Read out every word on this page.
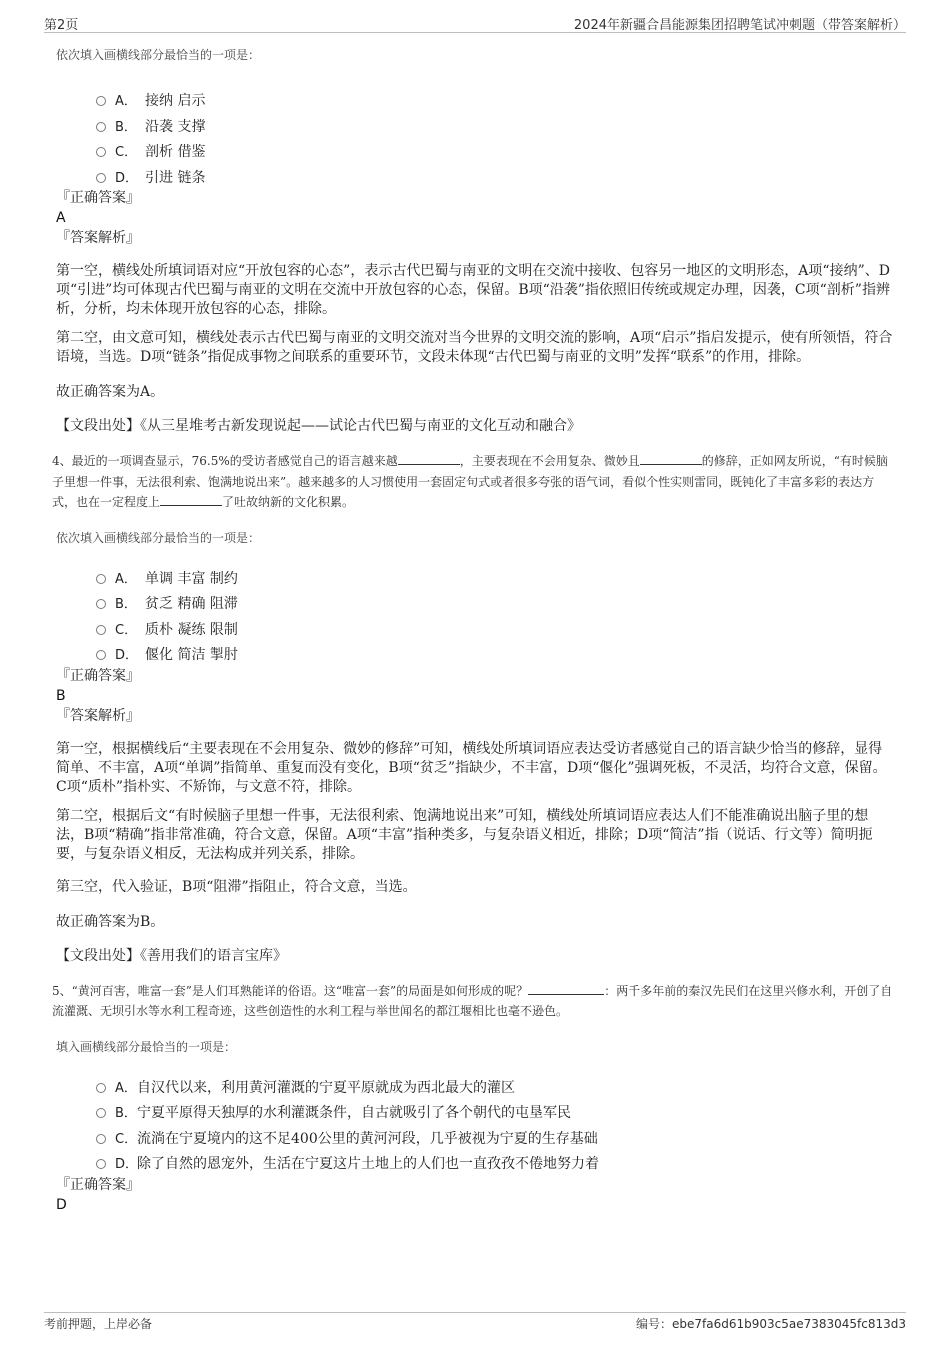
第2页	2024年新疆合昌能源集团招聘笔试冲刺题（带答案解析）
依次填入画横线部分最恰当的一项是：
A． 接纳 启示
B． 沿袭 支撑
C． 剖析 借鉴
D． 引进 链条
『正确答案』
A
『答案解析』

第一空，横线处所填词语对应“开放包容的心态”，表示古代巴蜀与南亚的文明在交流中接收、包容另一地区的文明形态，A项“接纳”、D项“引进”均可体现古代巴蜀与南亚的文明在交流中开放包容的心态，保留。B项“沿袭”指依照旧传统或规定办理，因袭，C项“剖析”指辨析，分析，均未体现开放包容的心态，排除。

第二空，由文意可知，横线处表示古代巴蜀与南亚的文明交流对当今世界的文明交流的影响，A项“启示”指启发提示，使有所领悟，符合语境，当选。D项“链条”指促成事物之间联系的重要环节，文段未体现“古代巴蜀与南亚的文明”发挥“联系”的作用，排除。

故正确答案为A。

【文段出处】《从三星堆考古新发现说起——试论古代巴蜀与南亚的文化互动和融合》

4、最近的一项调查显示，76.5%的受访者感觉自己的语言越来越	，主要表现在不会用复杂、微妙且	的修辞，正如网友所说，“有时候脑子里想一件事，无法很利索、饱满地说出来”。越来越多的人习惯使用一套固定句式或者很多夸张的语气词，看似个性实则雷同，既钝化了丰富多彩的表达方式，也在一定程度上	了吐故纳新的文化积累。

依次填入画横线部分最恰当的一项是：
A． 单调 丰富 制约
B． 贫乏 精确 阻滞
C． 质朴 凝练 限制
D． 偃化 简洁 掣肘
『正确答案』
B
『答案解析』

第一空，根据横线后“主要表现在不会用复杂、微妙的修辞”可知，横线处所填词语应表达受访者感觉自己的语言缺少恰当的修辞，显得简单、不丰富，A项“单调”指简单、重复而没有变化，B项“贫乏”指缺少，不丰富，D项“偃化”强调死板，不灵活，均符合文意，保留。C项“质朴”指朴实、不矫饰，与文意不符，排除。

第二空，根据后文“有时候脑子里想一件事，无法很利索、饱满地说出来”可知，横线处所填词语应表达人们不能准确说出脑子里的想法，B项“精确”指非常准确，符合文意，保留。A项“丰富”指种类多，与复杂语义相近，排除；D项“简洁”指（说话、行文等）简明扼要，与复杂语义相反，无法构成并列关系，排除。

第三空，代入验证，B项“阻滞”指阻止，符合文意，当选。

故正确答案为B。

【文段出处】《善用我们的语言宝库》

5、“黄河百害，唯富一套”是人们耳熟能详的俗语。这“唯富一套”的局面是如何形成的呢？	：两千多年前的秦汉先民们在这里兴修水利，开创了自流灌溉、无坝引水等水利工程奇迹，这些创造性的水利工程与举世闻名的都江堰相比也毫不逊色。

填入画横线部分最恰当的一项是：
A．自汉代以来，利用黄河灌溉的宁夏平原就成为西北最大的灌区
B．宁夏平原得天独厚的水利灌溉条件，自古就吸引了各个朝代的屯垦军民
C．流淌在宁夏境内的这不足400公里的黄河河段，几乎被视为宁夏的生存基础
D．除了自然的恩宠外，生活在宁夏这片土地上的人们也一直孜孜不倦地努力着
『正确答案』
D
考前押题，上岸必备	编号：ebe7fa6d61b903c5ae7383045fc813d3
